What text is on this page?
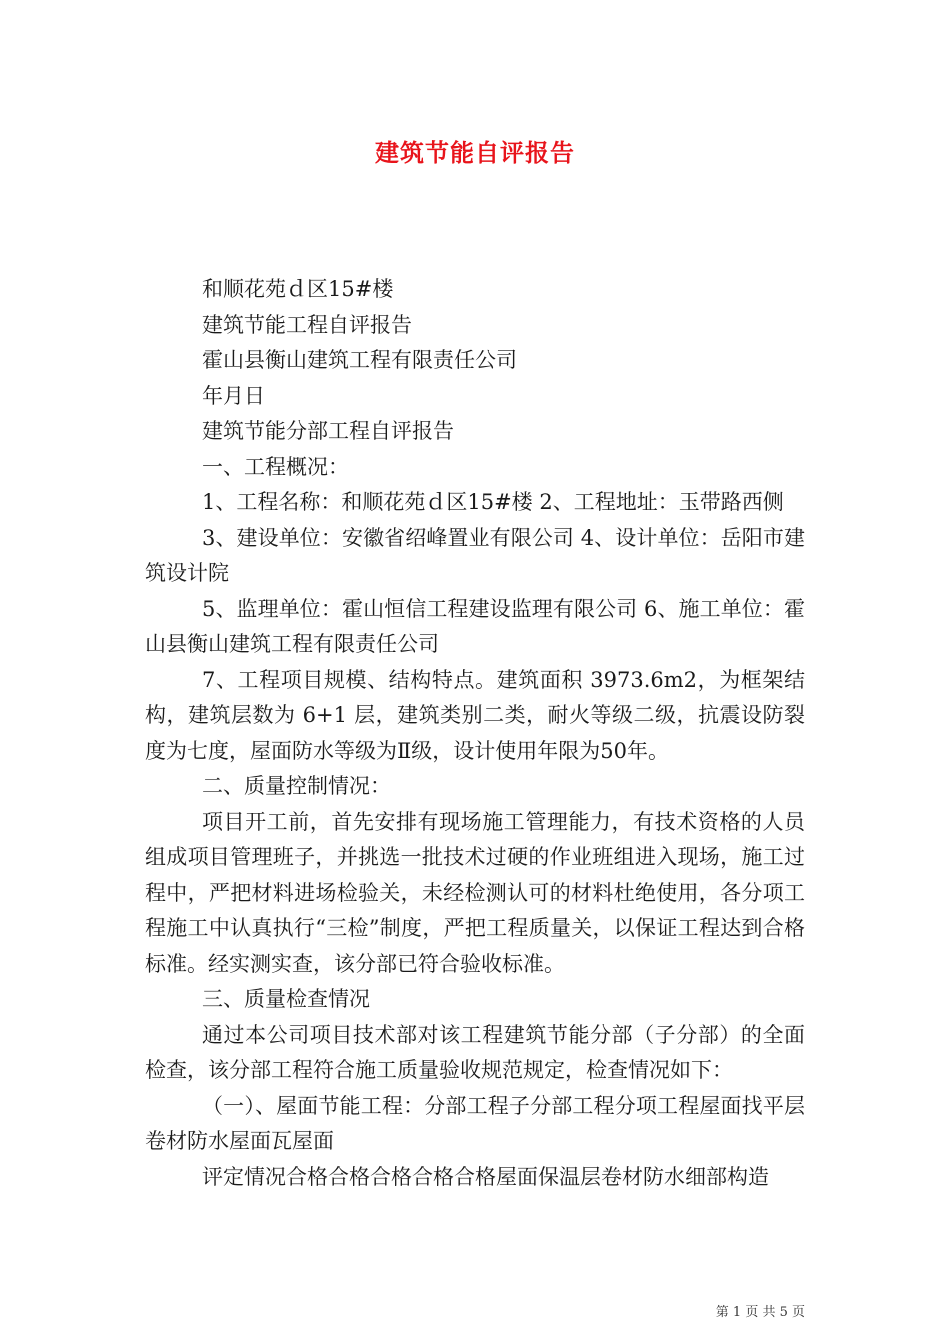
建筑节能自评报告
和顺花苑ｄ区15#楼
建筑节能工程自评报告
霍山县衡山建筑工程有限责任公司
年月日
建筑节能分部工程自评报告
一、工程概况：
1、工程名称：和顺花苑ｄ区15#楼 2、工程地址：玉带路西侧
3、建设单位：安徽省绍峰置业有限公司 4、设计单位：岳阳市建筑设计院
5、监理单位：霍山恒信工程建设监理有限公司 6、施工单位：霍山县衡山建筑工程有限责任公司
7、工程项目规模、结构特点。建筑面积 3973.6m2，为框架结构，建筑层数为 6+1 层，建筑类别二类，耐火等级二级，抗震设防裂度为七度，屋面防水等级为Ⅱ级，设计使用年限为50年。
二、质量控制情况：
项目开工前，首先安排有现场施工管理能力，有技术资格的人员组成项目管理班子，并挑选一批技术过硬的作业班组进入现场，施工过程中，严把材料进场检验关，未经检测认可的材料杜绝使用，各分项工程施工中认真执行“三检”制度，严把工程质量关，以保证工程达到合格标准。经实测实查，该分部已符合验收标准。
三、质量检查情况
通过本公司项目技术部对该工程建筑节能分部（子分部）的全面检查，该分部工程符合施工质量验收规范规定，检查情况如下：
（一）、屋面节能工程：分部工程子分部工程分项工程屋面找平层卷材防水屋面瓦屋面
评定情况合格合格合格合格合格屋面保温层卷材防水细部构造
第 1 页 共 5 页
